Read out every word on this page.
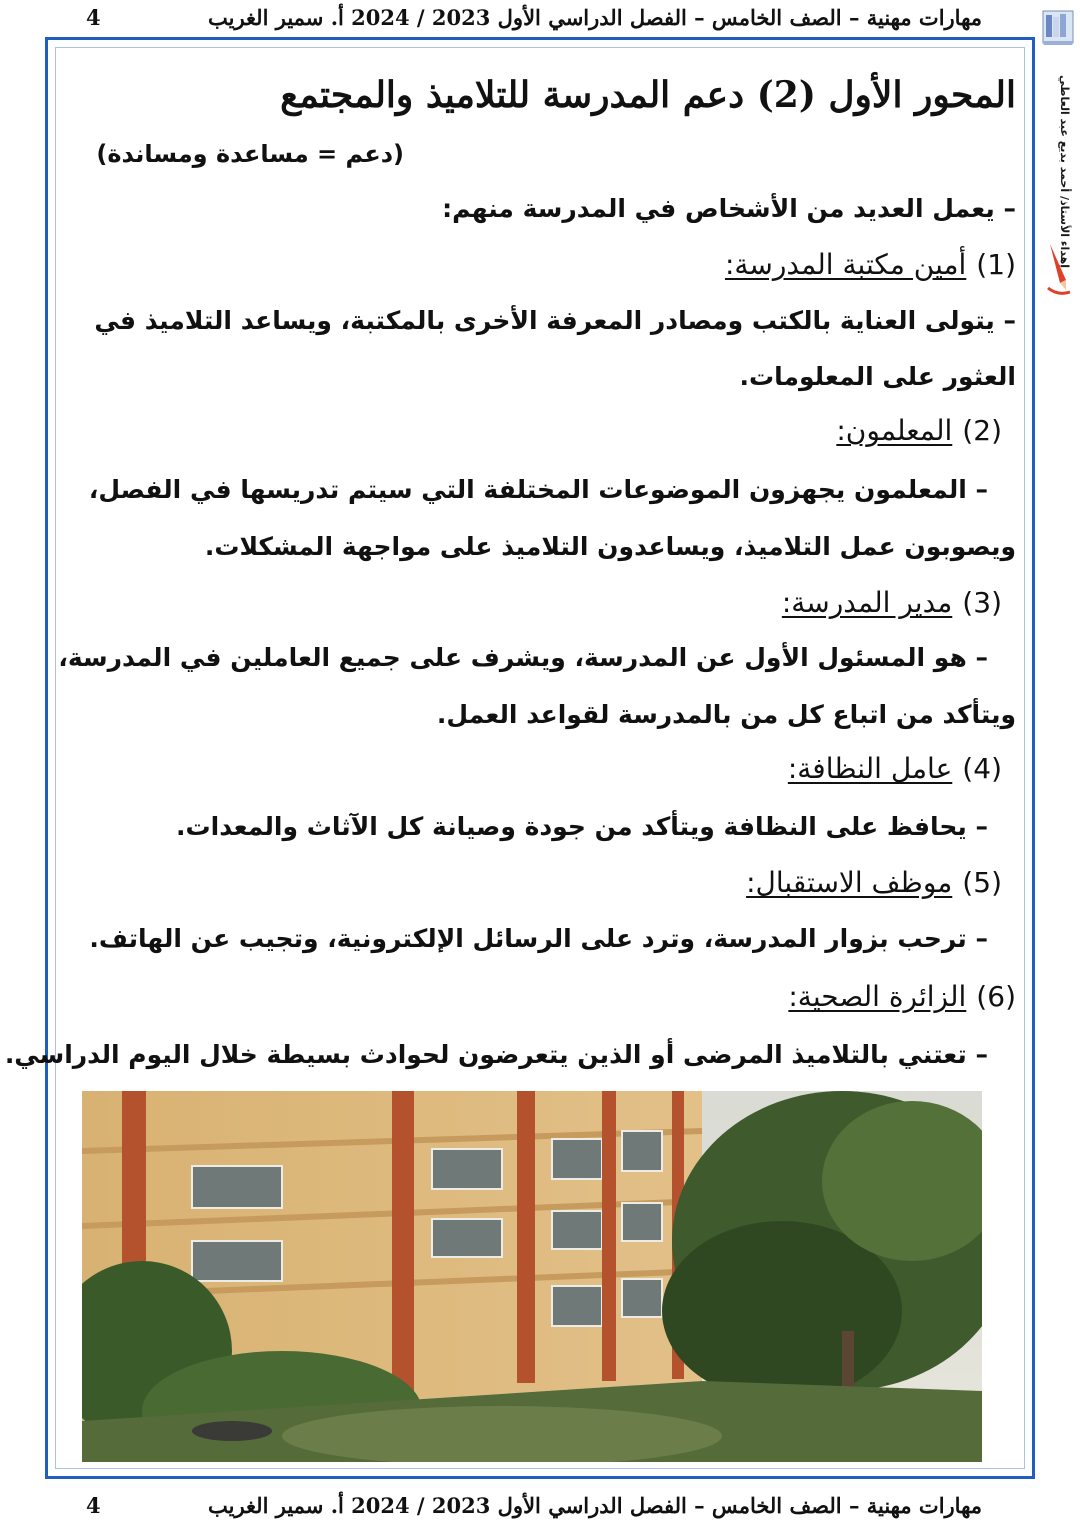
مهارات مهنية – الصف الخامس – الفصل الدراسي الأول 2023 / 2024 أ. سمير الغريب
4
إهداء الأستاذ/ أحمد بديع عبد العاطي
المحور الأول (2) دعم المدرسة للتلاميذ والمجتمع
(دعم = مساعدة ومساندة)
– يعمل العديد من الأشخاص في المدرسة منهم:
(1)أمين مكتبة المدرسة:
– يتولى العناية بالكتب ومصادر المعرفة الأخرى بالمكتبة، ويساعد التلاميذ في
العثور على المعلومات.
(2)المعلمون:
– المعلمون يجهزون الموضوعات المختلفة التي سيتم تدريسها في الفصل،
ويصوبون عمل التلاميذ، ويساعدون التلاميذ على مواجهة المشكلات.
(3)مدير المدرسة:
– هو المسئول الأول عن المدرسة، ويشرف على جميع العاملين في المدرسة،
ويتأكد من اتباع كل من بالمدرسة لقواعد العمل.
(4)عامل النظافة:
– يحافظ على النظافة ويتأكد من جودة وصيانة كل الآثاث والمعدات.
(5)موظف الاستقبال:
– ترحب بزوار المدرسة، وترد على الرسائل الإلكترونية، وتجيب عن الهاتف.
(6)الزائرة الصحية:
– تعتني بالتلاميذ المرضى أو الذين يتعرضون لحوادث بسيطة خلال اليوم الدراسي.
مهارات مهنية – الصف الخامس – الفصل الدراسي الأول 2023 / 2024 أ. سمير الغريب
4
